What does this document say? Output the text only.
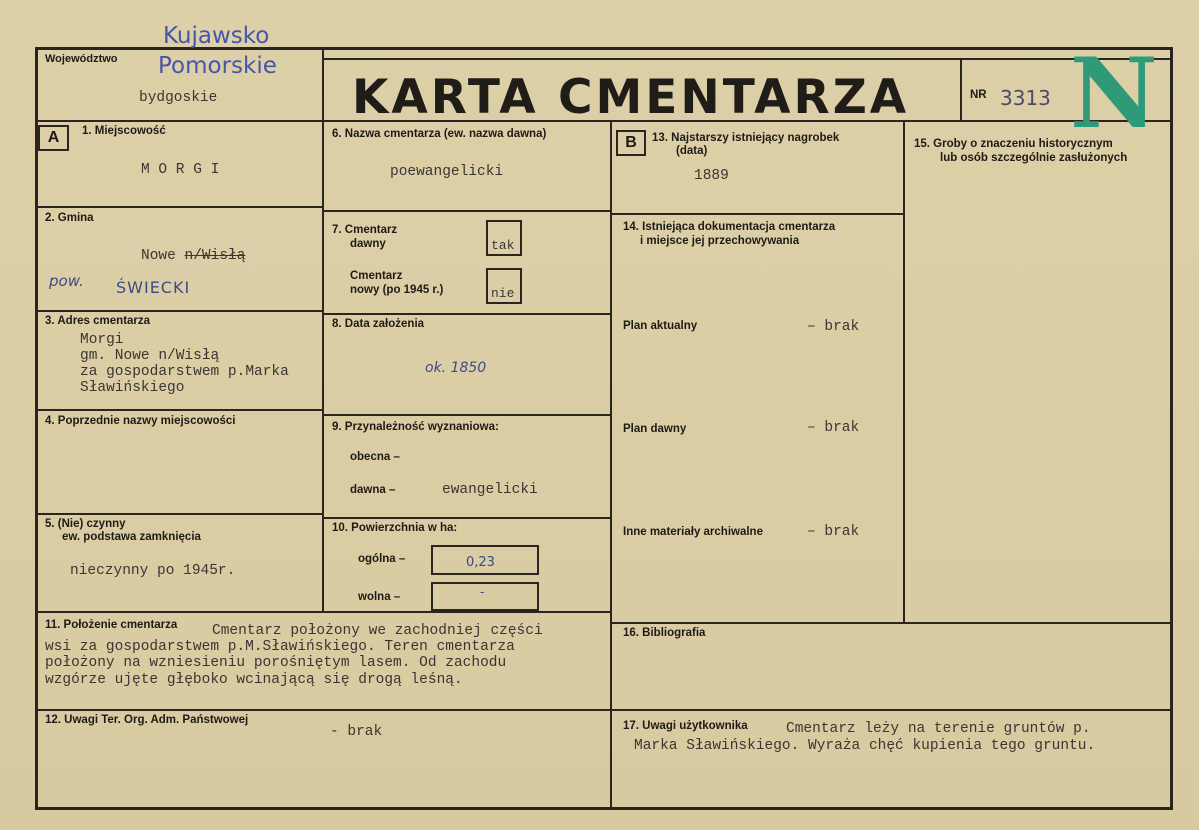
Województwo
Kujawsko
Pomorskie
bydgoskie	KARTA CMENTARZA	NR 3313 N
A	1. Miejscowość
M O R G I
2. Gmina
Nowe n/Wisłą
pow. ŚWIECKI
3. Adres cmentarza
Morgi
gm. Nowe n/Wisłą
za gospodarstwem p.Marka
Sławińskiego
4. Poprzednie nazwy miejscowości
5. (Nie) czynny
ew. podstawa zamknięcia
nieczynny po 1945r.
6. Nazwa cmentarza (ew. nazwa dawna)
poewangelicki
7. Cmentarz
dawny	tak
Cmentarz
nowy (po 1945 r.)	nie
8. Data założenia
ok. 1850
9. Przynależność wyznaniowa:
obecna –
dawna –	ewangelicki
10. Powierzchnia w ha:
ogólna –	0,23
wolna –	-
B	13. Najstarszy istniejący nagrobek
(data)
1889
14. Istniejąca dokumentacja cmentarza
i miejsce jej przechowywania
Plan aktualny	– brak
Plan dawny	– brak
Inne materiały archiwalne	– brak
15. Groby o znaczeniu historycznym
lub osób szczególnie zasłużonych
11. Położenie cmentarza Cmentarz położony we zachodniej części
wsi za gospodarstwem p.M.Sławińskiego. Teren cmentarza
położony na wzniesieniu porośniętym lasem. Od zachodu
wzgórze ujęte głęboko wcinającą się drogą leśną.
16. Bibliografia
12. Uwagi Ter. Org. Adm. Państwowej
- brak	17. Uwagi użytkownika	Cmentarz leży na terenie gruntów p.
Marka Sławińskiego. Wyraża chęć kupienia tego gruntu.
